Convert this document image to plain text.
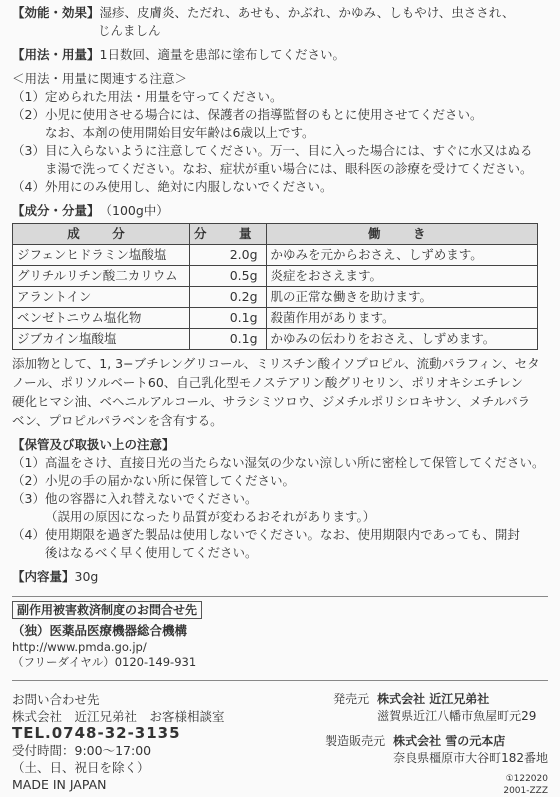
【効能・効果】 湿疹、皮膚炎、ただれ、あせも、かぶれ、かゆみ、しもやけ、虫さされ、
じんましん
【用法・用量】 1日数回、適量を患部に塗布してください。
＜用法・用量に関連する注意＞
（1） 定められた用法・用量を守ってください。
（2） 小児に使用させる場合には、保護者の指導監督のもとに使用させてください。
なお、本剤の使用開始目安年齢は6歳以上です。
（3） 目に入らないように注意してください。万一、目に入った場合には、すぐに水又はぬる
ま湯で洗ってください。なお、症状が重い場合には、眼科医の診療を受けてください。
（4） 外用にのみ使用し、絶対に内服しないでください。
【成分・分量】 （100g中）
成　分	分　量	働　き
ジフェンヒドラミン塩酸塩	2.0g	かゆみを元からおさえ、しずめます。
グリチルリチン酸二カリウム	0.5g	炎症をおさえます。
アラントイン	0.2g	肌の正常な働きを助けます。
ベンゼトニウム塩化物	0.1g	殺菌作用があります。
ジブカイン塩酸塩	0.1g	かゆみの伝わりをおさえ、しずめます。
添加物として、1, 3−ブチレングリコール、ミリスチン酸イソプロピル、流動パラフィン、セタ
ノール、ポリソルベート60、自己乳化型モノステアリン酸グリセリン、ポリオキシエチレン
硬化ヒマシ油、ベヘニルアルコール、サラシミツロウ、ジメチルポリシロキサン、メチルパラ
ベン、プロピルパラベンを含有する。
【保管及び取扱い上の注意】
（1） 高温をさけ、直接日光の当たらない湿気の少ない涼しい所に密栓して保管してください。
（2） 小児の手の届かない所に保管してください。
（3） 他の容器に入れ替えないでください。
（誤用の原因になったり品質が変わるおそれがあります。）
（4） 使用期限を過ぎた製品は使用しないでください。なお、使用期限内であっても、開封
後はなるべく早く使用してください。
【内容量】 30g
副作用被害救済制度のお問合せ先
（独）医薬品医療機器総合機構
http://www.pmda.go.jp/
（フリーダイヤル）0120-149-931
お問い合わせ先
株式会社　近江兄弟社　お客様相談室
TEL.0748-32-3135
受付時間：9:00〜17:00
（土、日、祝日を除く）
MADE IN JAPAN
発売元 株式会社 近江兄弟社
滋賀県近江八幡市魚屋町元29
製造販売元 株式会社 雪の元本店
奈良県橿原市大谷町182番地
①122020
2001-ZZZ
